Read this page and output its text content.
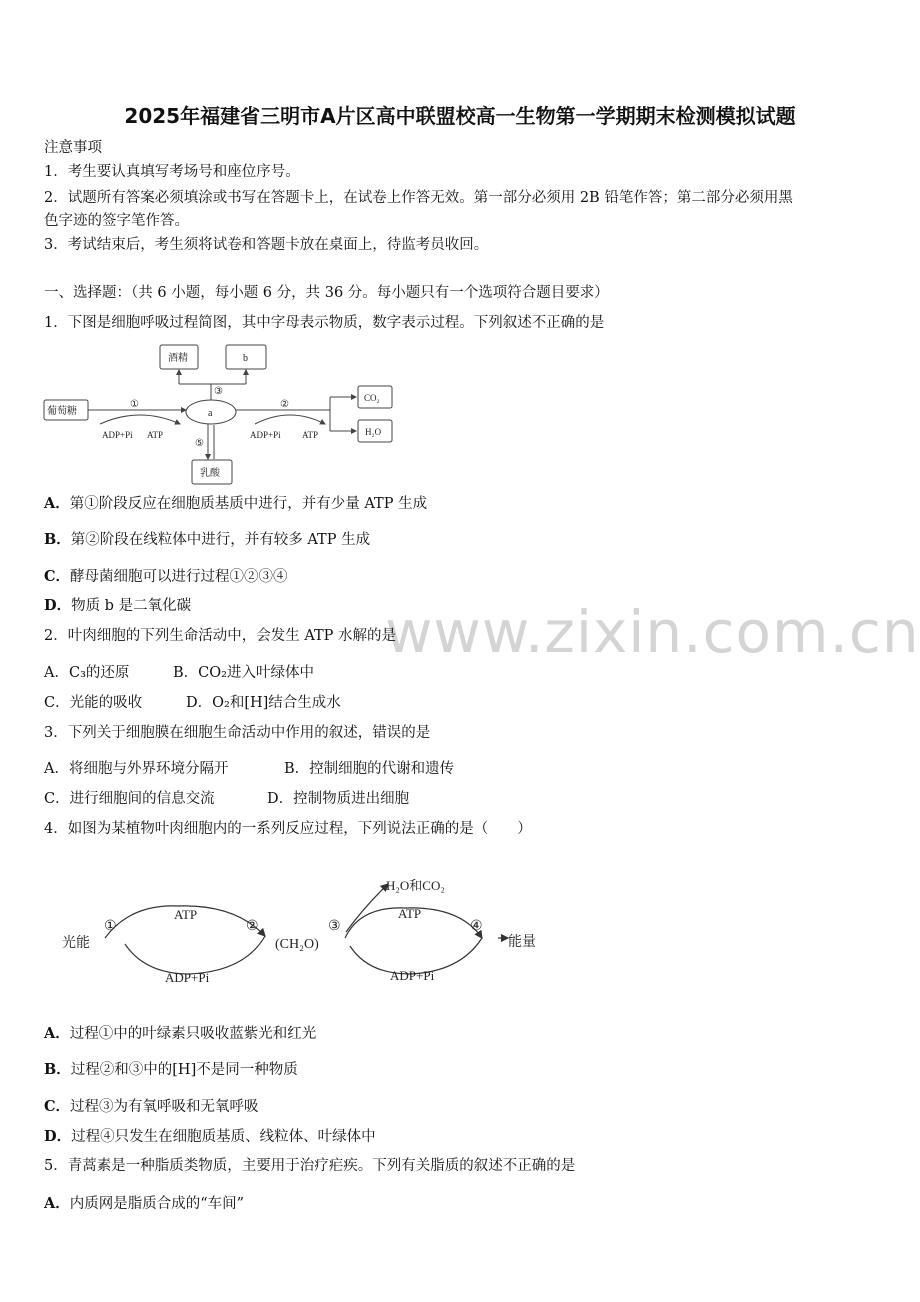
2025年福建省三明市A片区高中联盟校高一生物第一学期期末检测模拟试题
注意事项
1．考生要认真填写考场号和座位序号。
2．试题所有答案必须填涂或书写在答题卡上，在试卷上作答无效。第一部分必须用 2B 铅笔作答；第二部分必须用黑
色字迹的签字笔作答。
3．考试结束后，考生须将试卷和答题卡放在桌面上，待监考员收回。
一、选择题：（共 6 小题，每小题 6 分，共 36 分。每小题只有一个选项符合题目要求）
1．下图是细胞呼吸过程简图，其中字母表示物质，数字表示过程。下列叙述不正确的是
葡萄糖
酒精	b
a
乳酸
CO₂
H₂O
①	②
③
⑤
ADP+Pi ATP	ADP+Pi ATP
A．第①阶段反应在细胞质基质中进行，并有少量 ATP 生成
B．第②阶段在线粒体中进行，并有较多 ATP 生成
C．酵母菌细胞可以进行过程①②③④
D．物质 b 是二氧化碳	www.zixin.com.cn
2．叶肉细胞的下列生命活动中，会发生 ATP 水解的是
A．C₃的还原	B．CO₂进入叶绿体中
C．光能的吸收	D．O₂和[H]结合生成水
3．下列关于细胞膜在细胞生命活动中作用的叙述，错误的是
A．将细胞与外界环境分隔开	B．控制细胞的代谢和遗传
C．进行细胞间的信息交流	D．控制物质进出细胞
4．如图为某植物叶肉细胞内的一系列反应过程，下列说法正确的是（　　）
光能
①
ATP
②
ADP+Pi
(CH₂O)
H₂O和CO₂
③
ATP
④
ADP+Pi
能量
A．过程①中的叶绿素只吸收蓝紫光和红光
B．过程②和③中的[H]不是同一种物质
C．过程③为有氧呼吸和无氧呼吸
D．过程④只发生在细胞质基质、线粒体、叶绿体中
5．青蒿素是一种脂质类物质，主要用于治疗疟疾。下列有关脂质的叙述不正确的是
A．内质网是脂质合成的“车间”
